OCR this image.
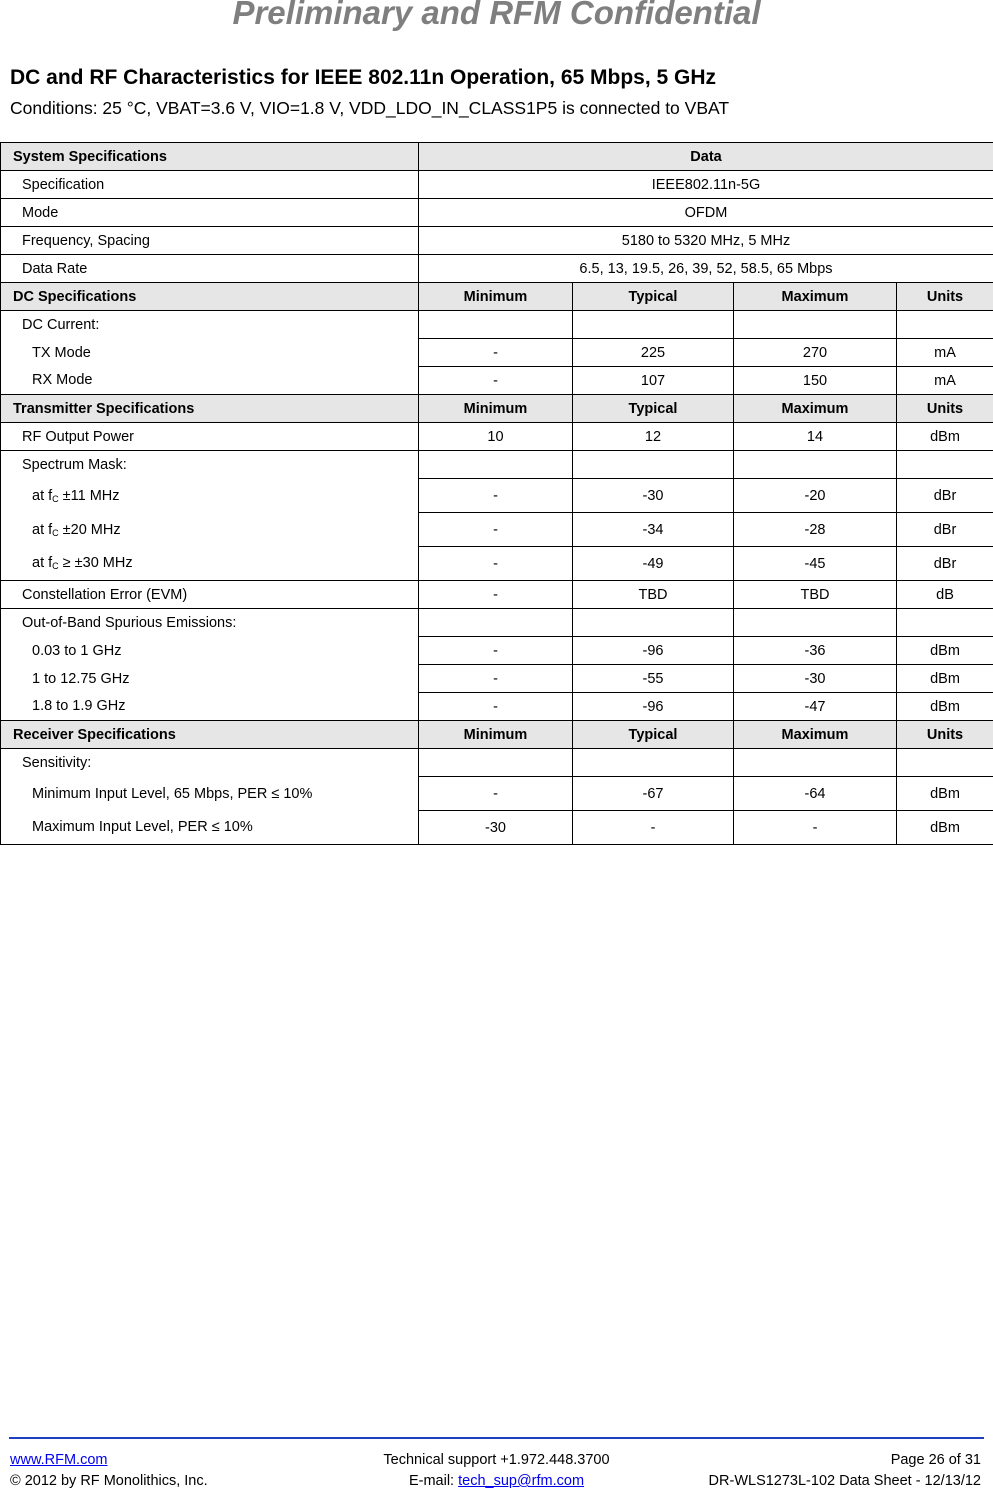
Preliminary and RFM Confidential
DC and RF Characteristics for IEEE 802.11n Operation, 65 Mbps, 5 GHz
Conditions: 25 °C, VBAT=3.6 V, VIO=1.8 V, VDD_LDO_IN_CLASS1P5 is connected to VBAT
System Specifications	Data			
Specification	IEEE802.11n-5G			
Mode	OFDM			
Frequency, Spacing	5180 to 5320 MHz, 5 MHz			
Data Rate	6.5, 13, 19.5, 26, 39, 52, 58.5, 65 Mbps			
DC Specifications	Minimum	Typical	Maximum	Units
DC Current:				
TX Mode	-	225	270	mA
RX Mode	-	107	150	mA
Transmitter Specifications	Minimum	Typical	Maximum	Units
RF Output Power	10	12	14	dBm
Spectrum Mask:				
at $f_C \pm 11$ MHz	-	-30	-20	dBr
at $f_C \pm 20$ MHz	-	-34	-28	dBr
at $f_C \ge \pm 30$ MHz	-	-49	-45	dBr
Constellation Error (EVM)	-	TBD	TBD	dB
Out-of-Band Spurious Emissions:				
0.03 to 1 GHz	-	-96	-36	dBm
1 to 12.75 GHz	-	-55	-30	dBm
1.8 to 1.9 GHz	-	-96	-47	dBm
Receiver Specifications	Minimum	Typical	Maximum	Units
Sensitivity:				
Minimum Input Level, 65 Mbps, PER ≤ 10%	-	-67	-64	dBm
Maximum Input Level, PER ≤ 10%	-30	-	-	dBm
www.RFM.com
© 2012 by RF Monolithics, Inc.
Technical support +1.972.448.3700
E-mail: tech_sup@rfm.com
Page 26 of 31
DR-WLS1273L-102 Data Sheet - 12/13/12
